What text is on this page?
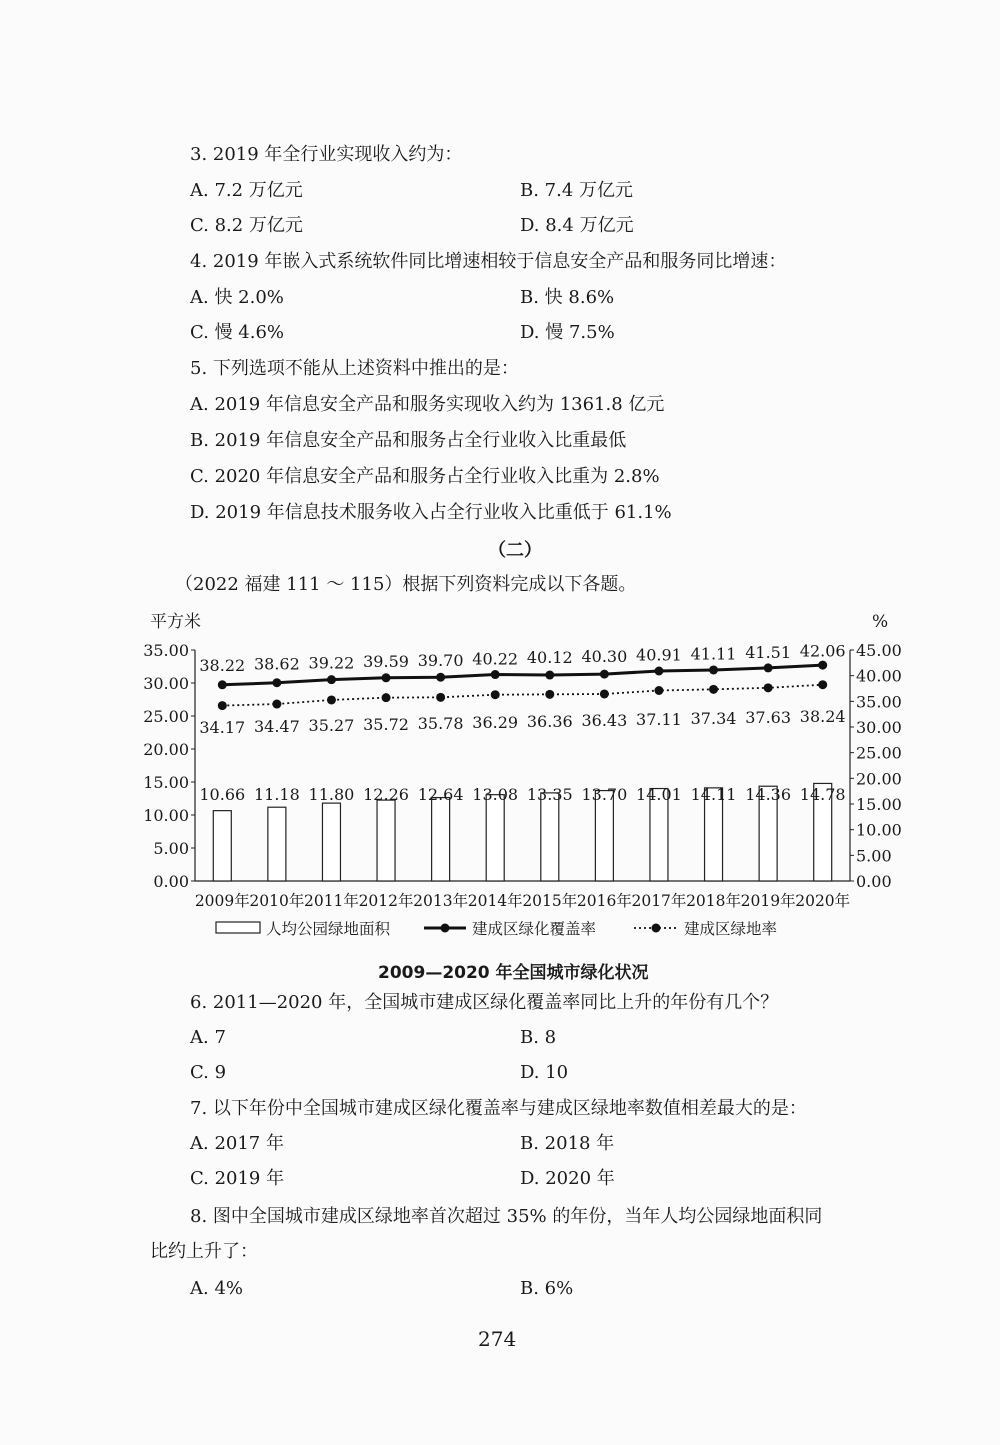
3. 2019 年全行业实现收入约为：
A. 7.2 万亿元	B. 7.4 万亿元
C. 8.2 万亿元	D. 8.4 万亿元
4. 2019 年嵌入式系统软件同比增速相较于信息安全产品和服务同比增速：
A. 快 2.0%	B. 快 8.6%
C. 慢 4.6%	D. 慢 7.5%
5. 下列选项不能从上述资料中推出的是：
A. 2019 年信息安全产品和服务实现收入约为 1361.8 亿元
B. 2019 年信息安全产品和服务占全行业收入比重最低
C. 2020 年信息安全产品和服务占全行业收入比重为 2.8%
D. 2019 年信息技术服务收入占全行业收入比重低于 61.1%
（二）
（2022 福建 111 ～ 115）根据下列资料完成以下各题。
平方米	%
35.00
30.00
25.00
20.00
15.00
10.00
5.00
0.00
45.00
40.00
35.00
30.00
25.00
20.00
15.00
10.00
5.00
0.00
2009年 2010年 2011年 2012年 2013年 2014年 2015年 2016年 2017年 2018年 2019年 2020年
10.66 11.18 11.80 12.26 12.64 13.08 13.35 13.70 14.01 14.11 14.36 14.78
38.22 38.62 39.22 39.59 39.70 40.22 40.12 40.30 40.91 41.11 41.51 42.06
34.17 34.47 35.27 35.72 35.78 36.29 36.36 36.43 37.11 37.34 37.63 38.24
人均公园绿地面积	建成区绿化覆盖率	建成区绿地率
2009—2020 年全国城市绿化状况
6. 2011—2020 年，全国城市建成区绿化覆盖率同比上升的年份有几个？
A. 7	B. 8
C. 9	D. 10
7. 以下年份中全国城市建成区绿化覆盖率与建成区绿地率数值相差最大的是：
A. 2017 年	B. 2018 年
C. 2019 年	D. 2020 年
8. 图中全国城市建成区绿地率首次超过 35% 的年份，当年人均公园绿地面积同
比约上升了：
A. 4%	B. 6%
274
